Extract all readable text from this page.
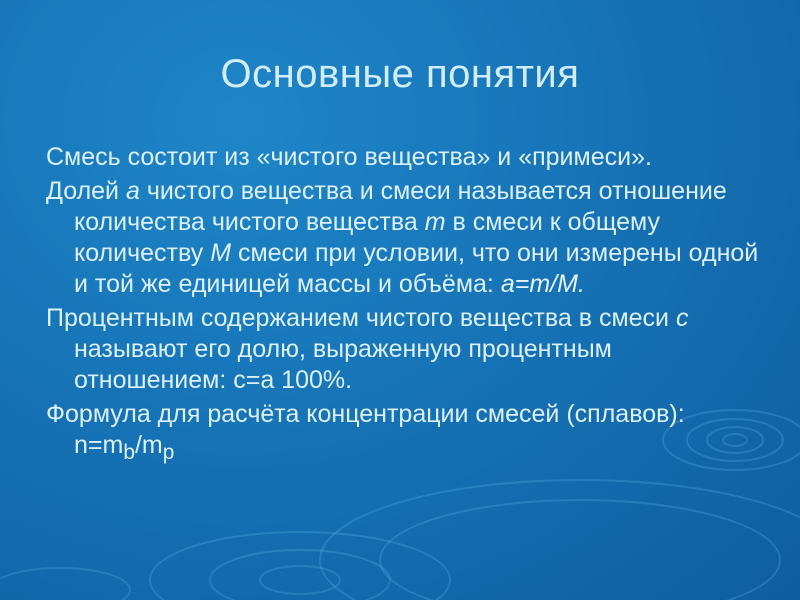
Основные понятия
Смесь состоит из «чистого вещества» и «примеси».
Долей а чистого вещества и смеси называется отношение количества чистого вещества m в смеси к общему количеству M смеси при условии, что они измерены одной и той же единицей массы и объёма: a=m/M.
Процентным содержанием чистого вещества в смеси с называют его долю, выраженную процентным отношением: с=а 100%.
Формула для расчёта концентрации смесей (сплавов): $n=m_b/m_p$
